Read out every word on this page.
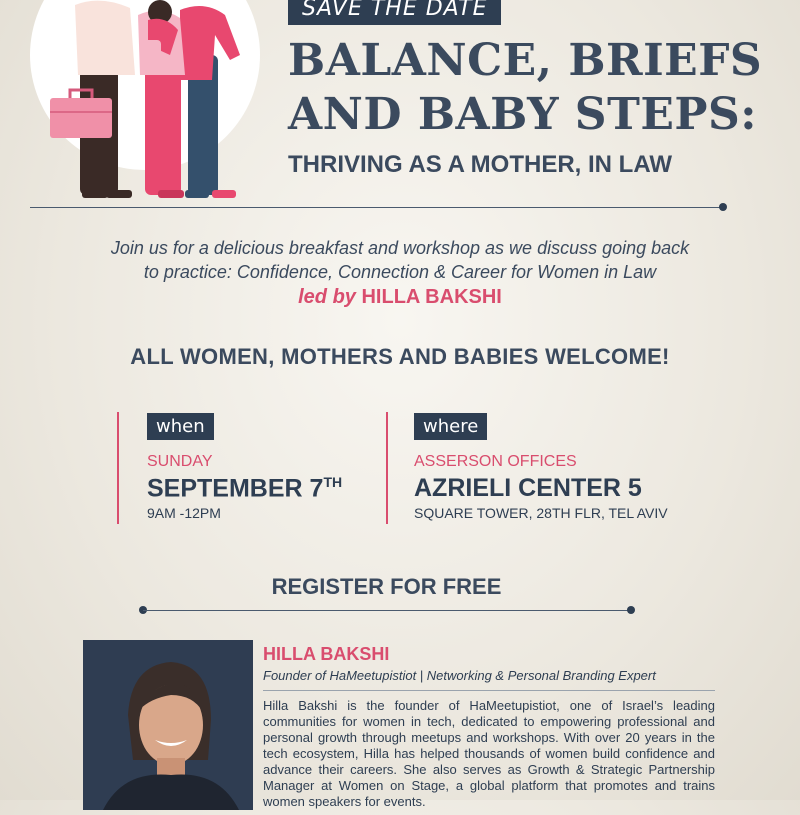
SAVE THE DATE
BALANCE, BRIEFS
AND BABY STEPS:
THRIVING AS A MOTHER, IN LAW
Join us for a delicious breakfast and workshop as we discuss going back
to practice: Confidence, Connection & Career for Women in Law
led by HILLA BAKSHI
ALL WOMEN, MOTHERS AND BABIES WELCOME!
when
SUNDAY
SEPTEMBER 7TH
9AM -12PM
where
ASSERSON OFFICES
AZRIELI CENTER 5
SQUARE TOWER, 28TH FLR, TEL AVIV
REGISTER FOR FREE
HILLA BAKSHI
Founder of HaMeetupistiot | Networking & Personal Branding Expert
Hilla Bakshi is the founder of HaMeetupistiot, one of Israel’s leading communities for women in tech, dedicated to empowering professional and personal growth through meetups and workshops. With over 20 years in the tech ecosystem, Hilla has helped thousands of women build confidence and advance their careers. She also serves as Growth & Strategic Partnership Manager at Women on Stage, a global platform that promotes and trains women speakers for events.
